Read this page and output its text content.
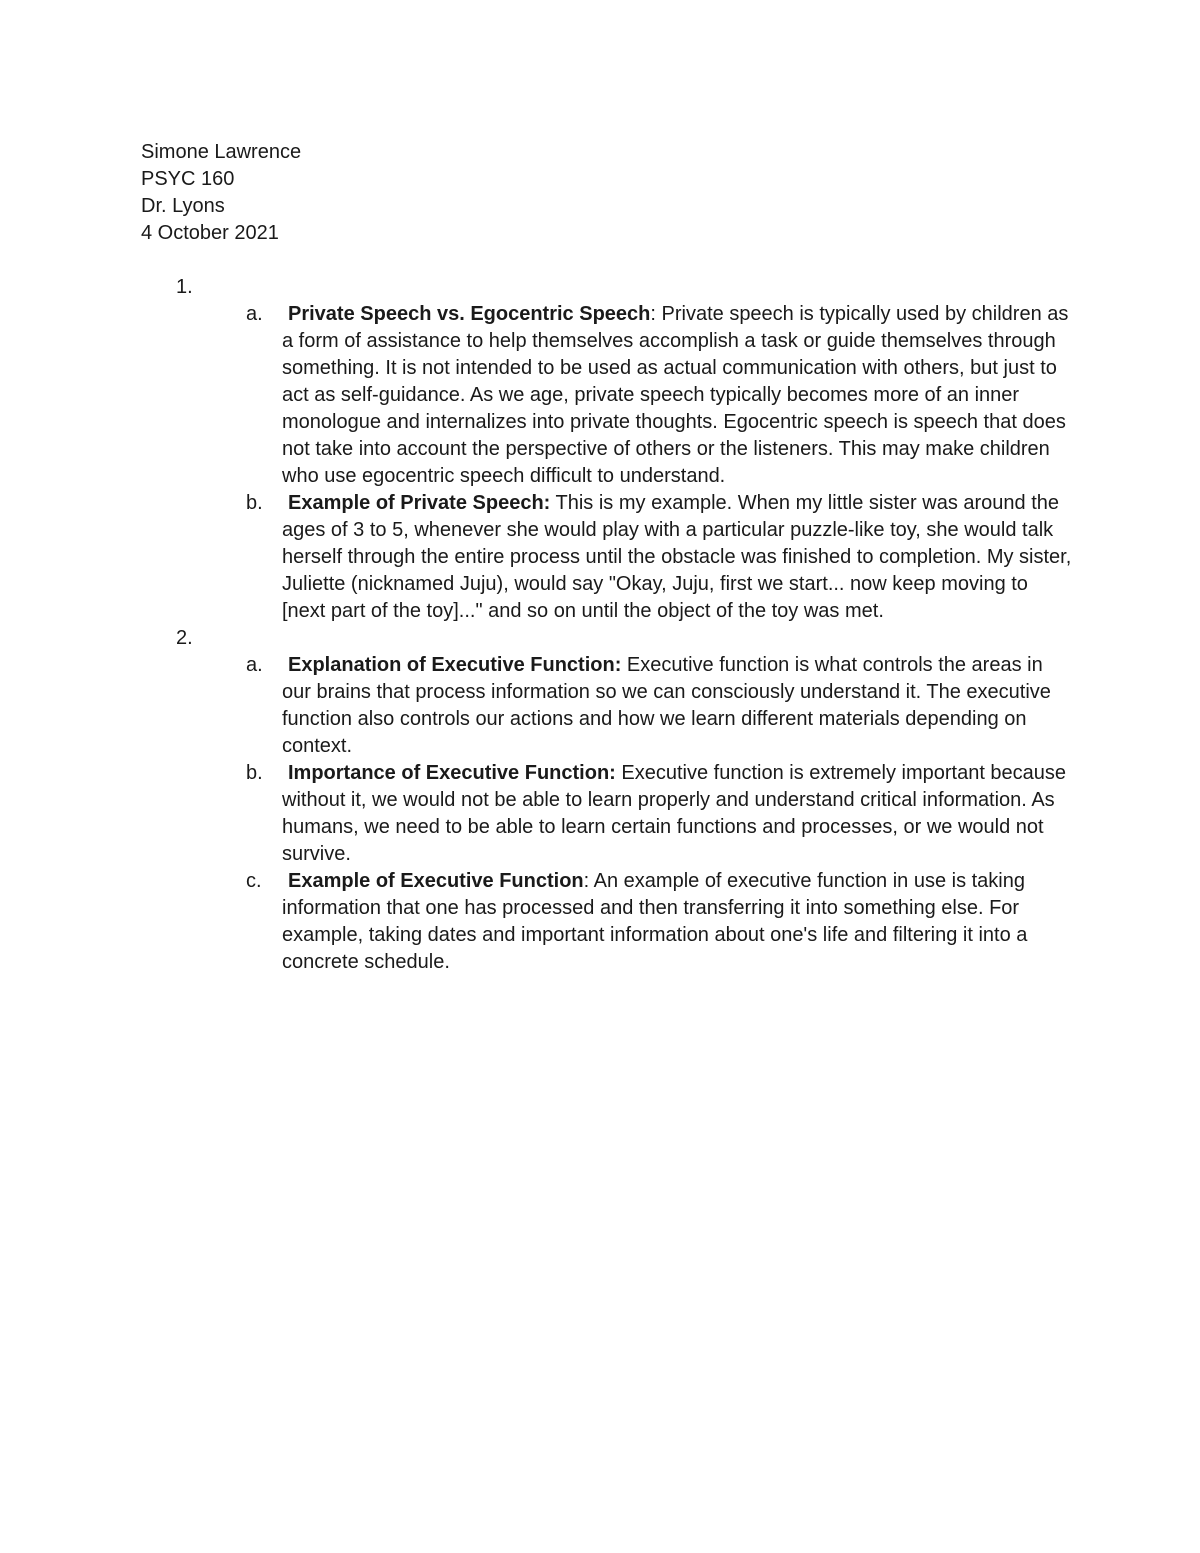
Simone Lawrence
PSYC 160
Dr. Lyons
4 October 2021
1.
a.	Private Speech vs. Egocentric Speech: Private speech is typically used by children as a form of assistance to help themselves accomplish a task or guide themselves through something. It is not intended to be used as actual communication with others, but just to act as self-guidance. As we age, private speech typically becomes more of an inner monologue and internalizes into private thoughts. Egocentric speech is speech that does not take into account the perspective of others or the listeners. This may make children who use egocentric speech difficult to understand.
b.	Example of Private Speech: This is my example. When my little sister was around the ages of 3 to 5, whenever she would play with a particular puzzle-like toy, she would talk herself through the entire process until the obstacle was finished to completion. My sister, Juliette (nicknamed Juju), would say "Okay, Juju, first we start... now keep moving to [next part of the toy]..." and so on until the object of the toy was met.
2.
a.	Explanation of Executive Function: Executive function is what controls the areas in our brains that process information so we can consciously understand it. The executive function also controls our actions and how we learn different materials depending on context.
b.	Importance of Executive Function: Executive function is extremely important because without it, we would not be able to learn properly and understand critical information. As humans, we need to be able to learn certain functions and processes, or we would not survive.
c.	Example of Executive Function: An example of executive function in use is taking information that one has processed and then transferring it into something else. For example, taking dates and important information about one's life and filtering it into a concrete schedule.
